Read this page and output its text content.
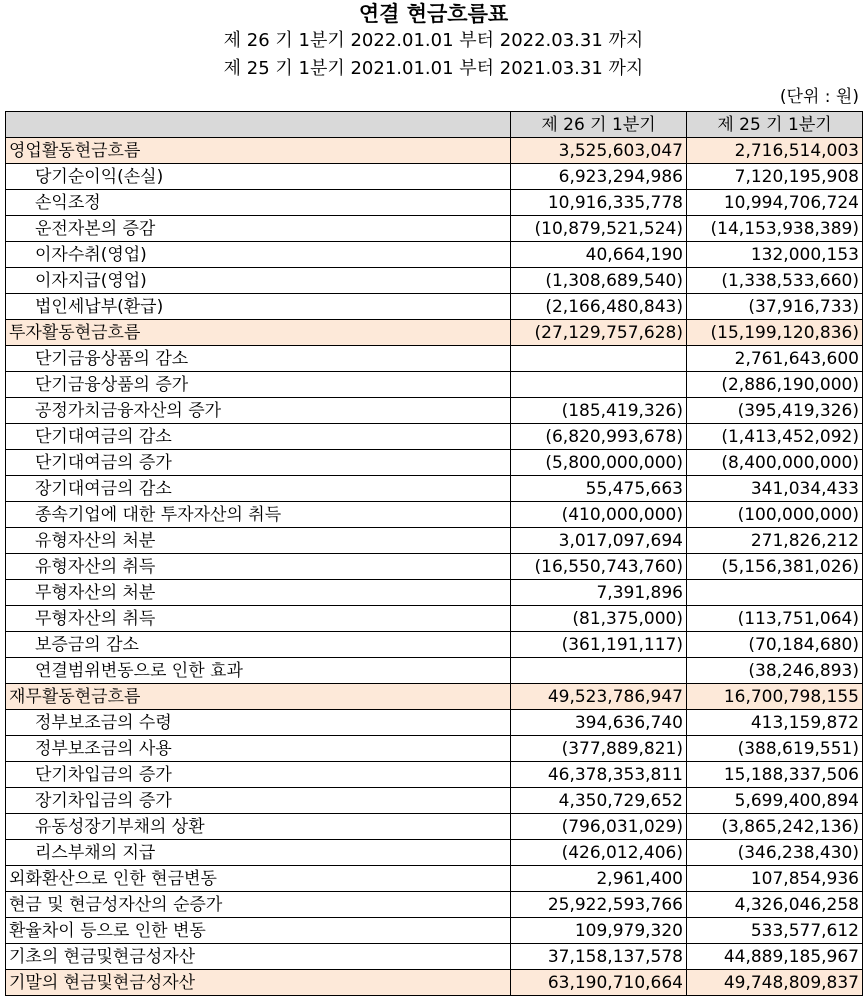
연결 현금흐름표
제 26 기 1분기 2022.01.01 부터 2022.03.31 까지
제 25 기 1분기 2021.01.01 부터 2021.03.31 까지
(단위 : 원)
	제 26 기 1분기	제 25 기 1분기
영업활동현금흐름	3,525,603,047	2,716,514,003
당기순이익(손실)	6,923,294,986	7,120,195,908
손익조정	10,916,335,778	10,994,706,724
운전자본의 증감	(10,879,521,524)	(14,153,938,389)
이자수취(영업)	40,664,190	132,000,153
이자지급(영업)	(1,308,689,540)	(1,338,533,660)
법인세납부(환급)	(2,166,480,843)	(37,916,733)
투자활동현금흐름	(27,129,757,628)	(15,199,120,836)
단기금융상품의 감소		2,761,643,600
단기금융상품의 증가		(2,886,190,000)
공정가치금융자산의 증가	(185,419,326)	(395,419,326)
단기대여금의 감소	(6,820,993,678)	(1,413,452,092)
단기대여금의 증가	(5,800,000,000)	(8,400,000,000)
장기대여금의 감소	55,475,663	341,034,433
종속기업에 대한 투자자산의 취득	(410,000,000)	(100,000,000)
유형자산의 처분	3,017,097,694	271,826,212
유형자산의 취득	(16,550,743,760)	(5,156,381,026)
무형자산의 처분	7,391,896	
무형자산의 취득	(81,375,000)	(113,751,064)
보증금의 감소	(361,191,117)	(70,184,680)
연결범위변동으로 인한 효과		(38,246,893)
재무활동현금흐름	49,523,786,947	16,700,798,155
정부보조금의 수령	394,636,740	413,159,872
정부보조금의 사용	(377,889,821)	(388,619,551)
단기차입금의 증가	46,378,353,811	15,188,337,506
장기차입금의 증가	4,350,729,652	5,699,400,894
유동성장기부채의 상환	(796,031,029)	(3,865,242,136)
리스부채의 지급	(426,012,406)	(346,238,430)
외화환산으로 인한 현금변동	2,961,400	107,854,936
현금 및 현금성자산의 순증가	25,922,593,766	4,326,046,258
환율차이 등으로 인한 변동	109,979,320	533,577,612
기초의 현금및현금성자산	37,158,137,578	44,889,185,967
기말의 현금및현금성자산	63,190,710,664	49,748,809,837
